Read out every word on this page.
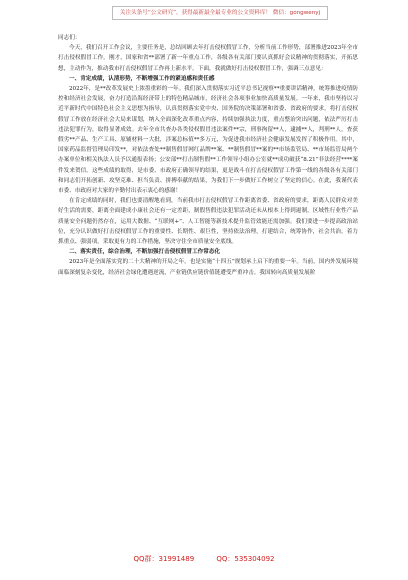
关注头条号“公文研究”，获得最新最全最专业的公文资料库！ 微信：gongwenyj

同志们：

今天，我们召开工作会议，主要任务是，总结回顾去年打击侵权假冒工作，分析当前工作形势，部署推进2023年全市打击侵权假冒工作。刚才，国家和省**部署了新一年重点工作，各级各有关部门要认真抓好会议精神的贯彻落实，开拓思想，主动作为，推动我市打击侵权假冒工作再上新水平。下面，我就做好打击侵权假冒工作，强调三点意见：

一、肯定成绩，认清形势，不断增强工作的紧迫感和责任感

2022年，是**改革发展史上浓墨重彩的一年。我们深入贯彻落实习近平总书记视察**重要讲话精神，统筹推进疫情防控和经济社会发展，奋力打造沿海经济带上的特色精品城市，经济社会各项事业加快高质量发展。一年来，我市坚持以习近平新时代中国特色社会主义思想为指导，认真贯彻落实党中央、国务院的决策部署和省委、省政府的要求，将打击侵权假冒工作放在经济社会大局来谋划，纳入全面深化改革重点内容，持续加强执法力度，重点整治突出问题，依法严厉打击违法犯罪行为，取得显著成效。去年全市共查办各类侵权假冒违法案件**宗，刑事拘留**人，逮捕**人，判刑**人，查获假劣**产品、生产工具、原辅材料一大批，涉案总标值**多万元，为促进我市经济社会健康发展发挥了积极作用。其中，国家药品监督管理局印发**，对依法查处**制售假冒网红品牌**案、**制售假冒**案的**市场监管局、**市场监管局两个办案单位和相关执法人员予以通报表扬；公安部**打击制售假**工作领导小组办公室就**成功破获“8.21”非法经营****案件发来贺信。这些成绩的取得，是市委、市政府正确领导的结果，更是战斗在打击侵权假冒工作第一线的各级各有关部门和同志们开拓创新、攻坚克难、担当负责、拼搏奉献的结果，为我们下一步做好工作树立了坚定的信心。在此，我谨代表市委、市政府对大家的辛勤付出表示衷心的感谢！

在肯定成绩的同时，我们也要清醒地看到，当前我市打击侵权假冒工作距离省委、省政府的要求，距离人民群众对美好生活的需要，距离全面建成小康社会还有一定差距，制假售假违法犯罪活动还未从根本上得到遏制，区域性行业性产品质量安全问题仍然存在，运用大数据、“互联网+”、人工智能等新技术提升监管效能还需加强。我们要进一步提高政治站位，充分认识做好打击侵权假冒工作的重要性、长期性、艰巨性，坚持依法治理，打建结合，统筹协作，社会共治，着力抓重点、强弱项，采取更有力的工作措施，坚决守住全市质量安全底线。

二、落实责任，综合治理，不断加强打击侵权假冒工作常态化

2023年是全面落实党的二十大精神的开局之年，也是实施“十四五”规划承上启下的重要一年。当前，国内外发展环境面临深刻复杂变化，经济社会绿化遭遇逆流，产业链供应链价值链遭受严重冲击。我国转向高质量发展阶

QQ群：31991489	QQ：535304092
